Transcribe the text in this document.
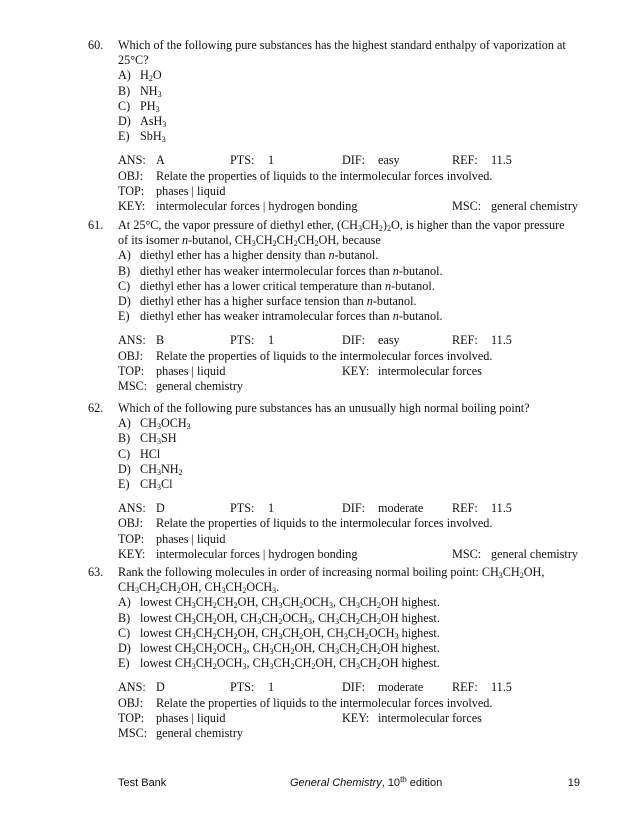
60.	Which of the following pure substances has the highest standard enthalpy of vaporization at
25°C?
A) $H_2O$
B) $NH_3$
C) $PH_3$
D) AsH$_3$
E) SbH$_3$
ANS: A	PTS: 1	DIF: easy	REF: 11.5
OBJ: Relate the properties of liquids to the intermolecular forces involved.
TOP: phases | liquid
KEY: intermolecular forces | hydrogen bonding	MSC: general chemistry
61.	At 25°C, the vapor pressure of diethyl ether, $(CH_3CH_2)_2O$, is higher than the vapor pressure
of its isomer n-butanol, $CH_3CH_2CH_2CH_2OH$, because
A) diethyl ether has a higher density than n-butanol.
B) diethyl ether has weaker intermolecular forces than n-butanol.
C) diethyl ether has a lower critical temperature than n-butanol.
D) diethyl ether has a higher surface tension than n-butanol.
E) diethyl ether has weaker intramolecular forces than n-butanol.
ANS: B	PTS: 1	DIF: easy	REF: 11.5
OBJ: Relate the properties of liquids to the intermolecular forces involved.
TOP: phases | liquid	KEY: intermolecular forces
MSC: general chemistry
62.	Which of the following pure substances has an unusually high normal boiling point?
A) $CH_3OCH_3$
B) $CH_3SH$
C) HCl
D) $CH_3NH_2$
E) $CH_3Cl$
ANS: D	PTS: 1	DIF: moderate REF: 11.5
OBJ: Relate the properties of liquids to the intermolecular forces involved.
TOP: phases | liquid
KEY: intermolecular forces | hydrogen bonding	MSC: general chemistry
63.	Rank the following molecules in order of increasing normal boiling point: $CH_3CH_2OH$,
$CH_3CH_2CH_2OH$, $CH_3CH_2OCH_3$.
A) lowest $CH_3CH_2CH_2OH$, $CH_3CH_2OCH_3$, $CH_3CH_2OH$ highest.
B) lowest $CH_3CH_2OH$, $CH_3CH_2OCH_3$, $CH_3CH_2CH_2OH$ highest.
C) lowest $CH_3CH_2CH_2OH$, $CH_3CH_2OH$, $CH_3CH_2OCH_3$ highest.
D) lowest $CH_3CH_2OCH_3$, $CH_3CH_2OH$, $CH_3CH_2CH_2OH$ highest.
E) lowest $CH_3CH_2OCH_3$, $CH_3CH_2CH_2OH$, $CH_3CH_2OH$ highest.
ANS: D	PTS: 1	DIF: moderate REF: 11.5
OBJ: Relate the properties of liquids to the intermolecular forces involved.
TOP: phases | liquid	KEY: intermolecular forces
MSC: general chemistry
Test Bank	General Chemistry, 10th edition	19
